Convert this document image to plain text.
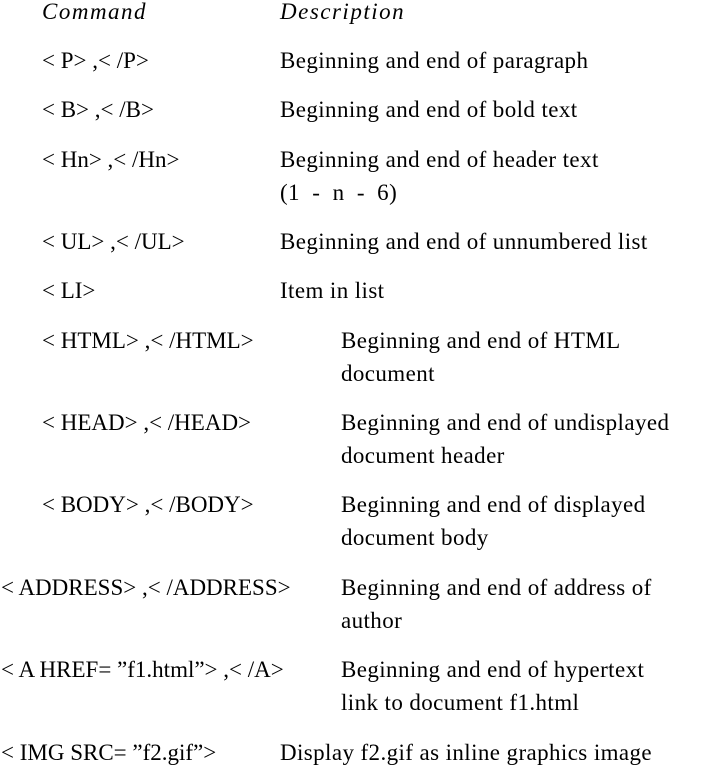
Command	Description
< P> ,< /P>	Beginning and end of paragraph
< B> ,< /B>	Beginning and end of bold text
< Hn> ,< /Hn>	Beginning and end of header text
(1  -  n  -  6)
< UL> ,< /UL>	Beginning and end of unnumbered list
< LI>	Item in list
< HTML> ,< /HTML>	Beginning and end of HTML
document
< HEAD> ,< /HEAD>	Beginning and end of undisplayed
document header
< BODY> ,< /BODY>	Beginning and end of displayed
document body
< ADDRESS> ,< /ADDRESS> Beginning and end of address of
author
< A HREF= ”f1.html”> ,< /A> Beginning and end of hypertext
link to document f1.html
< IMG SRC= ”f2.gif”>	Display f2.gif as inline graphics image
